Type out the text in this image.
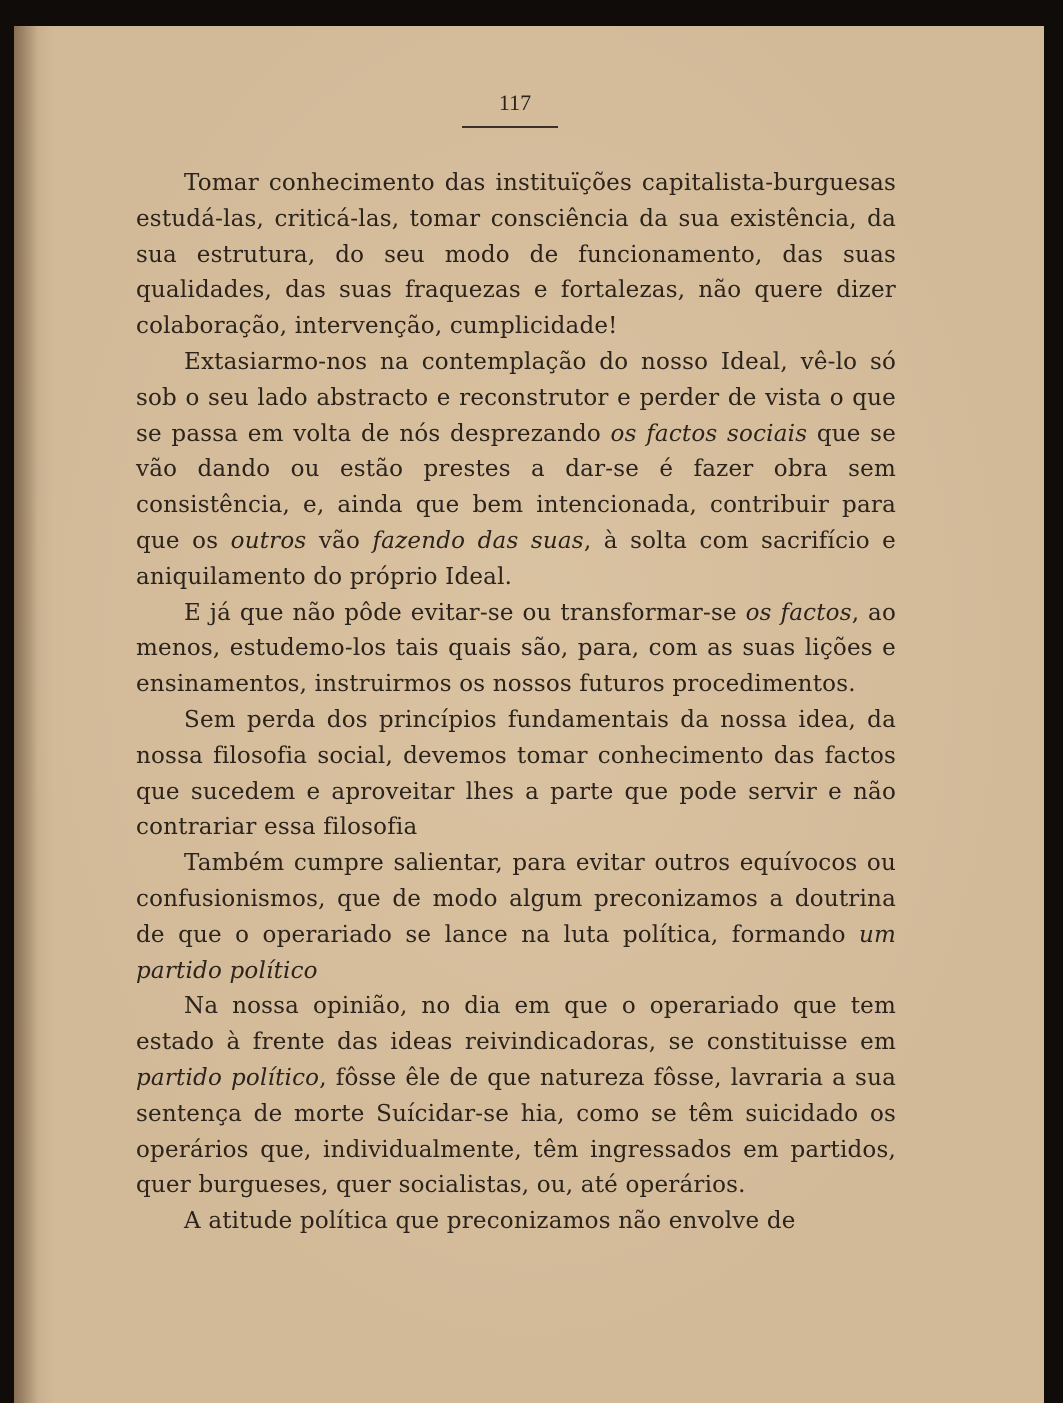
117

Tomar conhecimento das instituïções capitalista-burguesas estudá-las, criticá-las, tomar consciência da sua existência, da sua estrutura, do seu modo de funcionamento, das suas qualidades, das suas fraquezas e fortalezas, não quere dizer colaboração, intervenção, cumplicidade!

Extasiarmo-nos na contemplação do nosso Ideal, vê-lo só sob o seu lado abstracto e reconstrutor e perder de vista o que se passa em volta de nós desprezando os factos sociais que se vão dando ou estão prestes a dar-se é fazer obra sem consistência, e, ainda que bem intencionada, contribuir para que os outros vão fazendo das suas, à solta com sacrifício e aniquilamento do próprio Ideal.

E já que não pôde evitar-se ou transformar-se os factos, ao menos, estudemo-los tais quais são, para, com as suas lições e ensinamentos, instruirmos os nossos futuros procedimentos.

Sem perda dos princípios fundamentais da nossa idea, da nossa filosofia social, devemos tomar conhecimento das factos que sucedem e aproveitar lhes a parte que pode servir e não contrariar essa filosofia

Também cumpre salientar, para evitar outros equívocos ou confusionismos, que de modo algum preconizamos a doutrina de que o operariado se lance na luta política, formando um partido político

Na nossa opinião, no dia em que o operariado que tem estado à frente das ideas reivindicadoras, se constituisse em partido político, fôsse êle de que natureza fôsse, lavraria a sua sentença de morte Suícidar-se hia, como se têm suicidado os operários que, individualmente, têm ingressados em partidos, quer burgueses, quer socialistas, ou, até operários.

A atitude política que preconizamos não envolve de
